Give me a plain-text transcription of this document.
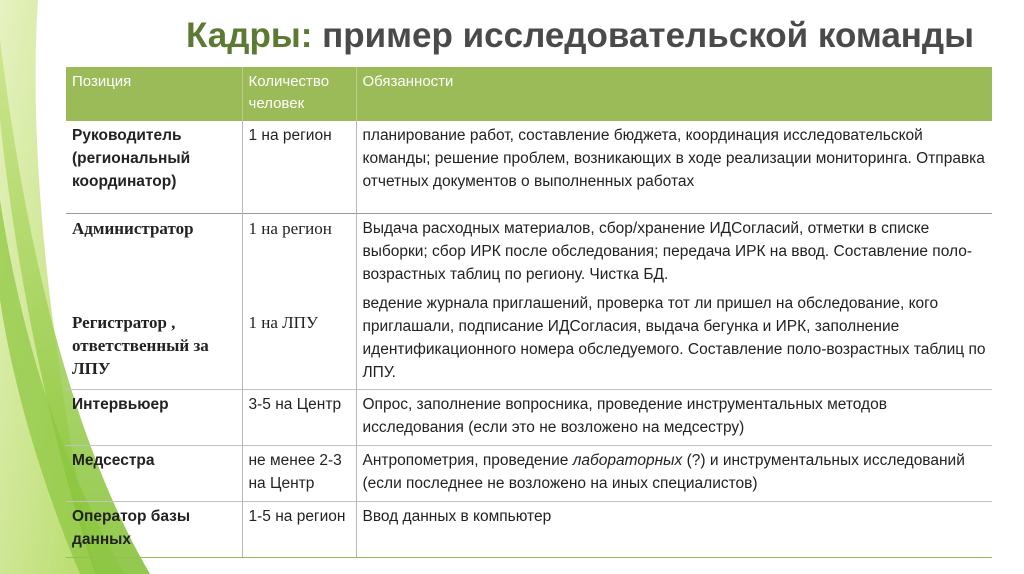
Кадры: пример исследовательской команды
Позиция	Количество человек	Обязанности
Руководитель (региональный координатор)	1 на регион	планирование работ, составление бюджета, координация исследовательской команды; решение проблем, возникающих в ходе реализации мониторинга. Отправка отчетных документов о выполненных работах
Администратор	1 на регион	Выдача расходных материалов, сбор/хранение ИДСогласий, отметки в списке выборки; сбор ИРК после обследования; передача ИРК на ввод. Составление поло-возрастных таблиц по региону. Чистка БД.
Регистратор , ответственный за ЛПУ	1 на ЛПУ	ведение журнала приглашений, проверка тот ли пришел на обследование, кого приглашали, подписание ИДСогласия, выдача бегунка и ИРК, заполнение идентификационного номера обследуемого. Составление поло-возрастных таблиц по ЛПУ.
Интервьюер	3-5 на Центр	Опрос, заполнение вопросника, проведение инструментальных методов исследования (если это не возложено на медсестру)
Медсестра	не менее 2-3 на Центр	Антропометрия, проведение лабораторных (?) и инструментальных исследований (если последнее не возложено на иных специалистов)
Оператор базы данных	1-5 на регион	Ввод данных в компьютер
